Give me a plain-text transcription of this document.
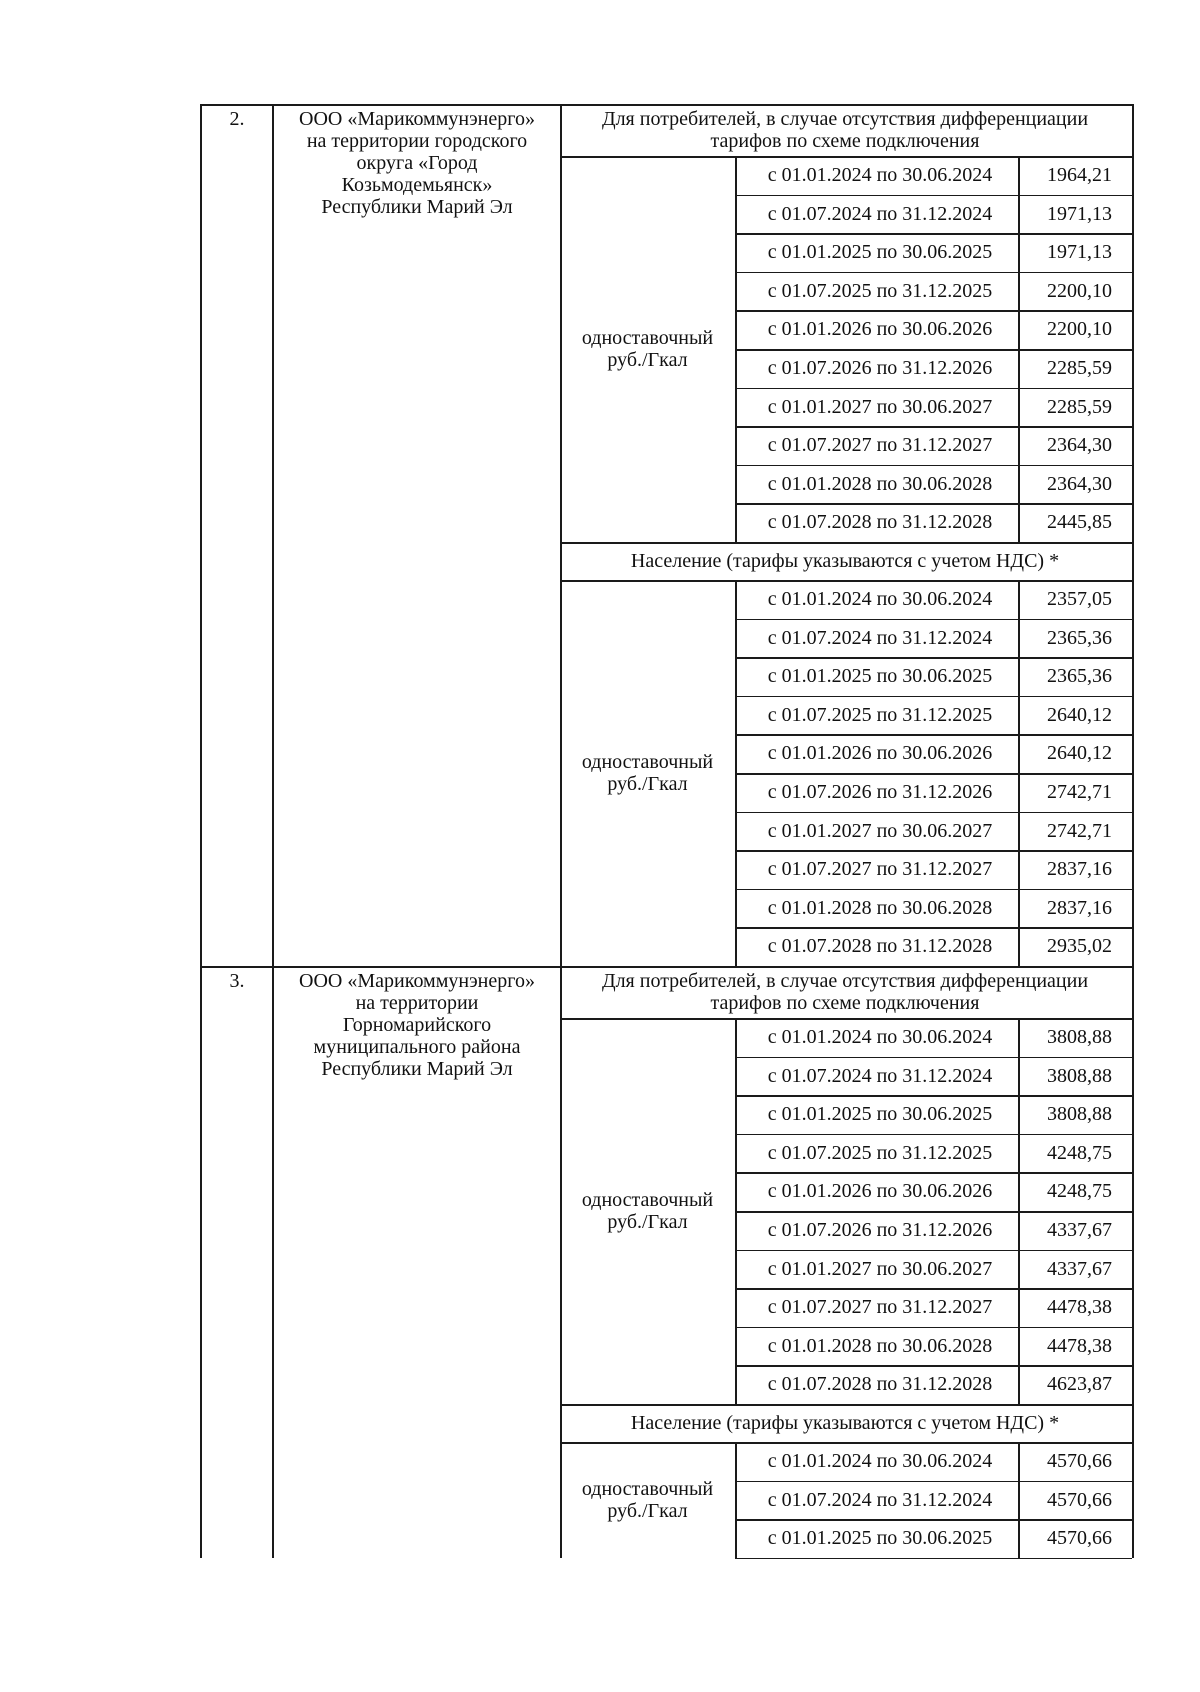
2.	ООО «Марикоммунэнерго»
на территории городского
округа «Город
Козьмодемьянск»
Республики Марий Эл
Для потребителей, в случае отсутствия дифференциации
тарифов по схеме подключения
с 01.01.2024 по 30.06.2024	1964,21
с 01.07.2024 по 31.12.2024	1971,13
с 01.01.2025 по 30.06.2025	1971,13
с 01.07.2025 по 31.12.2025	2200,10
с 01.01.2026 по 30.06.2026	2200,10
с 01.07.2026 по 31.12.2026	2285,59
с 01.01.2027 по 30.06.2027	2285,59
с 01.07.2027 по 31.12.2027	2364,30
с 01.01.2028 по 30.06.2028	2364,30
с 01.07.2028 по 31.12.2028	2445,85
одноставочный
руб./Гкал
Население (тарифы указываются с учетом НДС) *
с 01.01.2024 по 30.06.2024	2357,05
с 01.07.2024 по 31.12.2024	2365,36
с 01.01.2025 по 30.06.2025	2365,36
с 01.07.2025 по 31.12.2025	2640,12
с 01.01.2026 по 30.06.2026	2640,12
с 01.07.2026 по 31.12.2026	2742,71
с 01.01.2027 по 30.06.2027	2742,71
с 01.07.2027 по 31.12.2027	2837,16
с 01.01.2028 по 30.06.2028	2837,16
с 01.07.2028 по 31.12.2028	2935,02
одноставочный
руб./Гкал
3.	ООО «Марикоммунэнерго»
на территории
Горномарийского
муниципального района
Республики Марий Эл
Для потребителей, в случае отсутствия дифференциации
тарифов по схеме подключения
с 01.01.2024 по 30.06.2024	3808,88
с 01.07.2024 по 31.12.2024	3808,88
с 01.01.2025 по 30.06.2025	3808,88
с 01.07.2025 по 31.12.2025	4248,75
с 01.01.2026 по 30.06.2026	4248,75
с 01.07.2026 по 31.12.2026	4337,67
с 01.01.2027 по 30.06.2027	4337,67
с 01.07.2027 по 31.12.2027	4478,38
с 01.01.2028 по 30.06.2028	4478,38
с 01.07.2028 по 31.12.2028	4623,87
одноставочный
руб./Гкал
Население (тарифы указываются с учетом НДС) *
с 01.01.2024 по 30.06.2024	4570,66
с 01.07.2024 по 31.12.2024	4570,66
с 01.01.2025 по 30.06.2025	4570,66
одноставочный
руб./Гкал
